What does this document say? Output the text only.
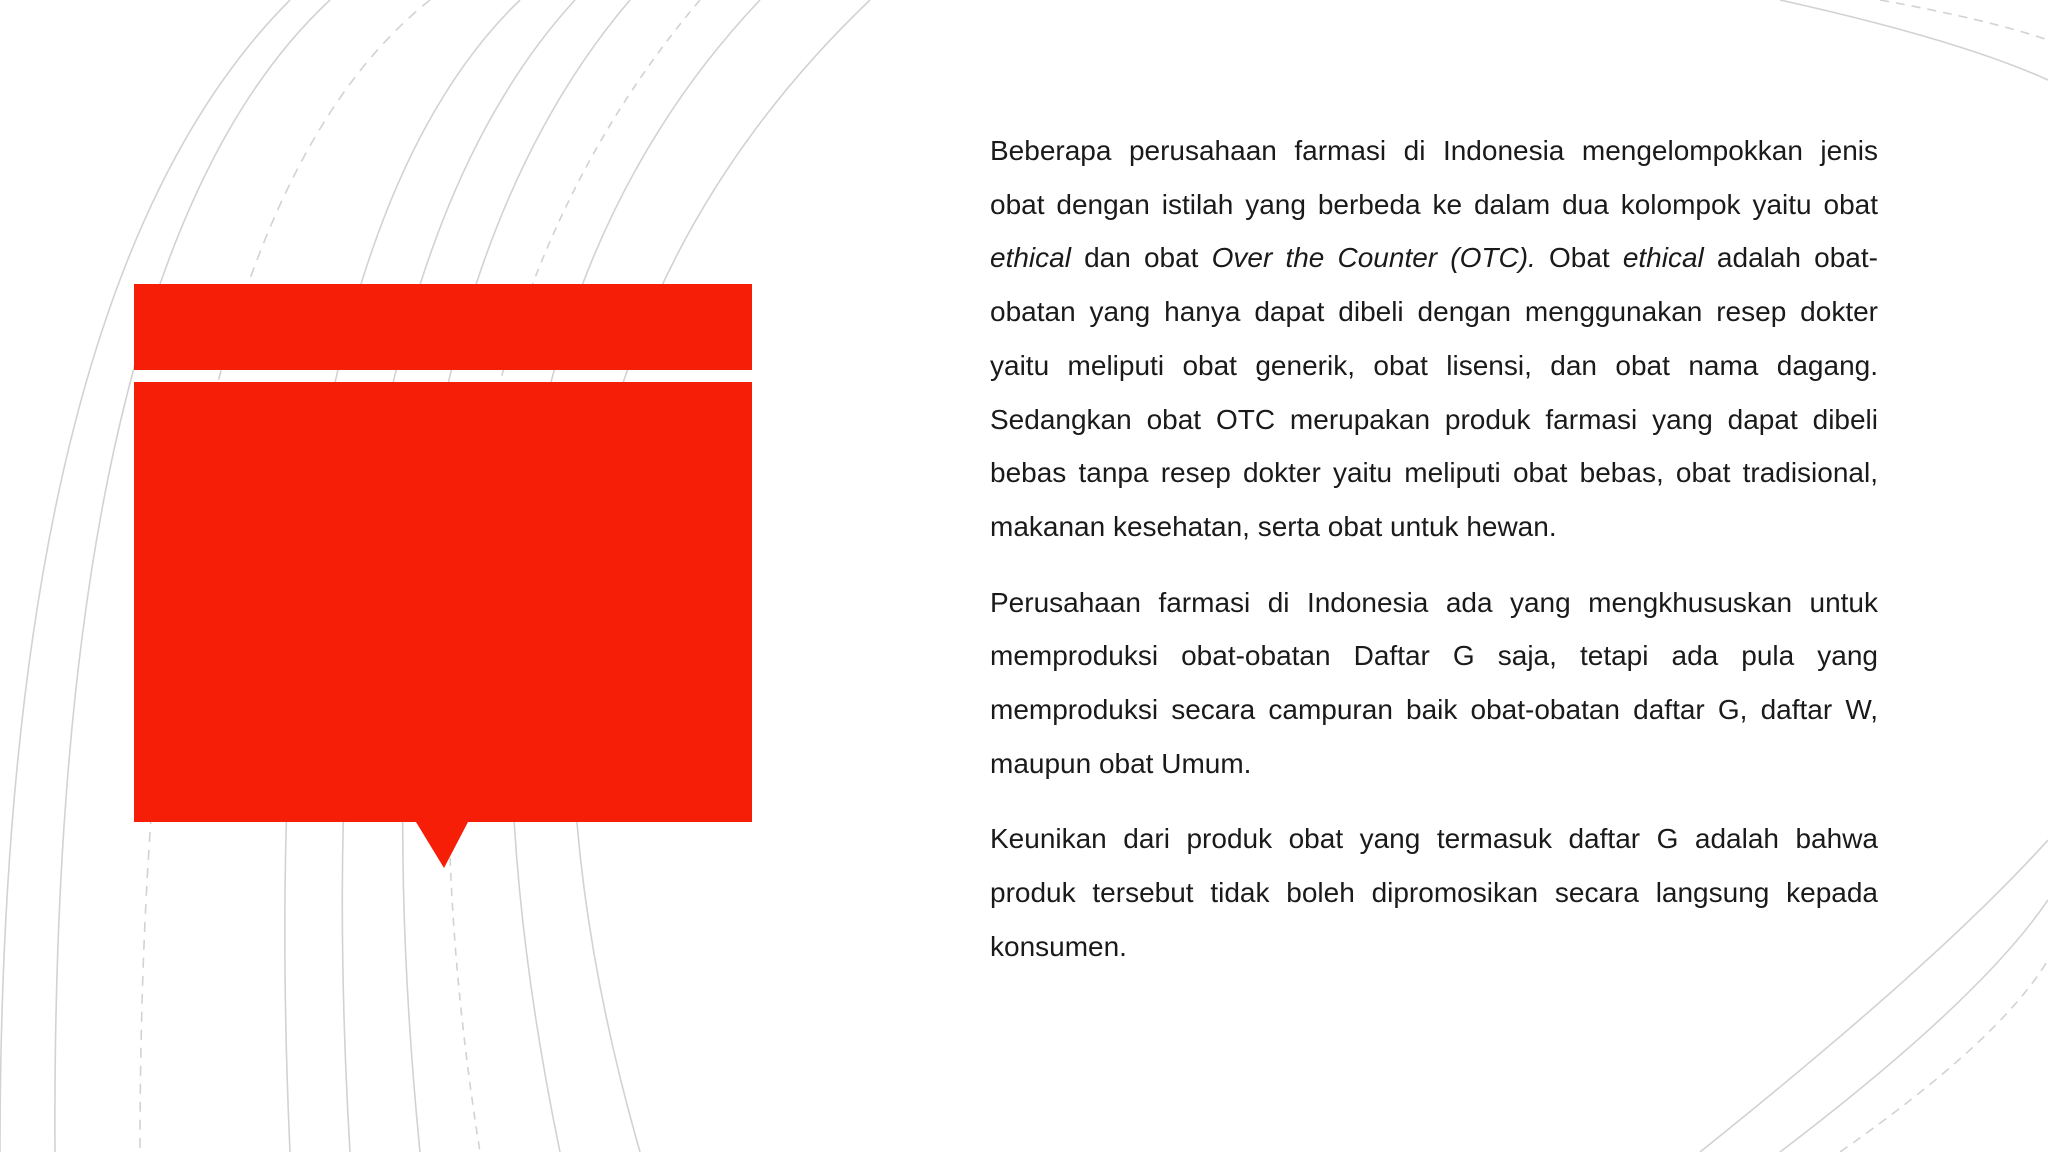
Beberapa perusahaan farmasi di Indonesia mengelompokkan jenis obat dengan istilah yang berbeda ke dalam dua kolompok yaitu obat ethical dan obat Over the Counter (OTC). Obat ethical adalah obat-obatan yang hanya dapat dibeli dengan menggunakan resep dokter yaitu meliputi obat generik, obat lisensi, dan obat nama dagang. Sedangkan obat OTC merupakan produk farmasi yang dapat dibeli bebas tanpa resep dokter yaitu meliputi obat bebas, obat tradisional, makanan kesehatan, serta obat untuk hewan.

Perusahaan farmasi di Indonesia ada yang mengkhususkan untuk memproduksi obat-obatan Daftar G saja, tetapi ada pula yang memproduksi secara campuran baik obat-obatan daftar G, daftar W, maupun obat Umum.

Keunikan dari produk obat yang termasuk daftar G adalah bahwa produk tersebut tidak boleh dipromosikan secara langsung kepada konsumen.
